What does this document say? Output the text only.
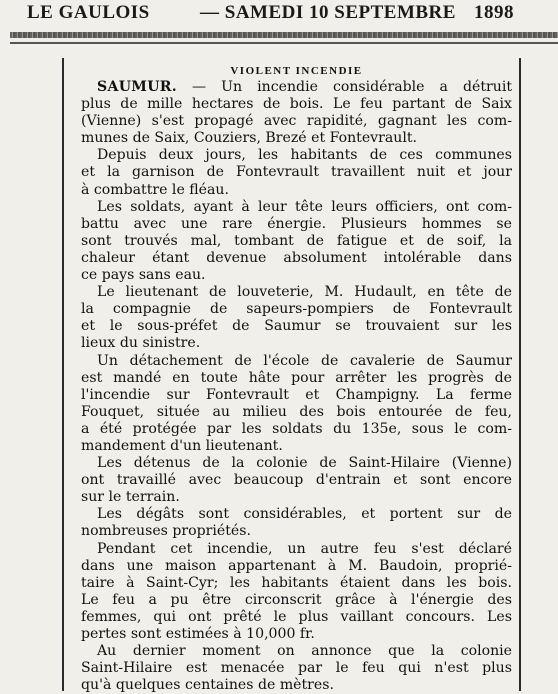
LE GAULOIS	— SAMEDI 10 SEPTEMBRE 1898
VIOLENT INCENDIE

SAUMUR. — Un incendie considérable a détruit
plus de mille hectares de bois. Le feu partant de Saix
(Vienne) s'est propagé avec rapidité, gagnant les com-
munes de Saix, Couziers, Brezé et Fontevrault.

Depuis deux jours, les habitants de ces communes
et la garnison de Fontevrault travaillent nuit et jour
à combattre le fléau.

Les soldats, ayant à leur tête leurs officiers, ont com-
battu avec une rare énergie. Plusieurs hommes se
sont trouvés mal, tombant de fatigue et de soif, la
chaleur étant devenue absolument intolérable dans
ce pays sans eau.

Le lieutenant de louveterie, M. Hudault, en tête de
la compagnie de sapeurs-pompiers de Fontevrault
et le sous-préfet de Saumur se trouvaient sur les
lieux du sinistre.

Un détachement de l'école de cavalerie de Saumur
est mandé en toute hâte pour arrêter les progrès de
l'incendie sur Fontevrault et Champigny. La ferme
Fouquet, située au milieu des bois entourée de feu,
a été protégée par les soldats du 135e, sous le com-
mandement d'un lieutenant.

Les détenus de la colonie de Saint-Hilaire (Vienne)
ont travaillé avec beaucoup d'entrain et sont encore
sur le terrain.

Les dégâts sont considérables, et portent sur de
nombreuses propriétés.

Pendant cet incendie, un autre feu s'est déclaré
dans une maison appartenant à M. Baudoin, proprié-
taire à Saint-Cyr; les habitants étaient dans les bois.
Le feu a pu être circonscrit grâce à l'énergie des
femmes, qui ont prêté le plus vaillant concours. Les
pertes sont estimées à 10,000 fr.

Au dernier moment on annonce que la colonie
Saint-Hilaire est menacée par le feu qui n'est plus
qu'à quelques centaines de mètres.
